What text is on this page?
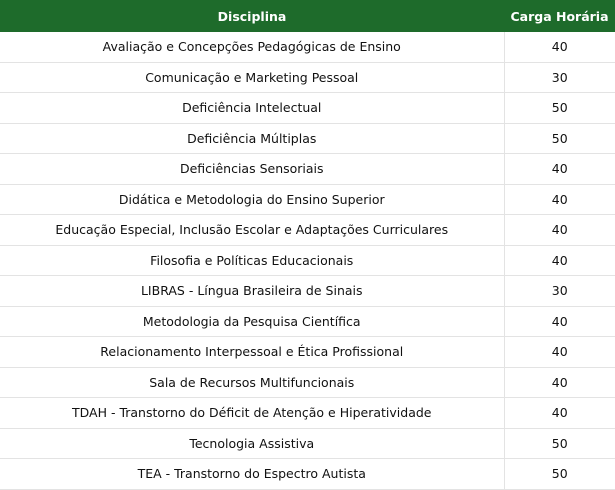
Disciplina	Carga Horária
Avaliação e Concepções Pedagógicas de Ensino	40
Comunicação e Marketing Pessoal	30
Deficiência Intelectual	50
Deficiência Múltiplas	50
Deficiências Sensoriais	40
Didática e Metodologia do Ensino Superior	40
Educação Especial, Inclusão Escolar e Adaptações Curriculares	40
Filosofia e Políticas Educacionais	40
LIBRAS - Língua Brasileira de Sinais	30
Metodologia da Pesquisa Científica	40
Relacionamento Interpessoal e Ética Profissional	40
Sala de Recursos Multifuncionais	40
TDAH - Transtorno do Déficit de Atenção e Hiperatividade	40
Tecnologia Assistiva	50
TEA - Transtorno do Espectro Autista	50
